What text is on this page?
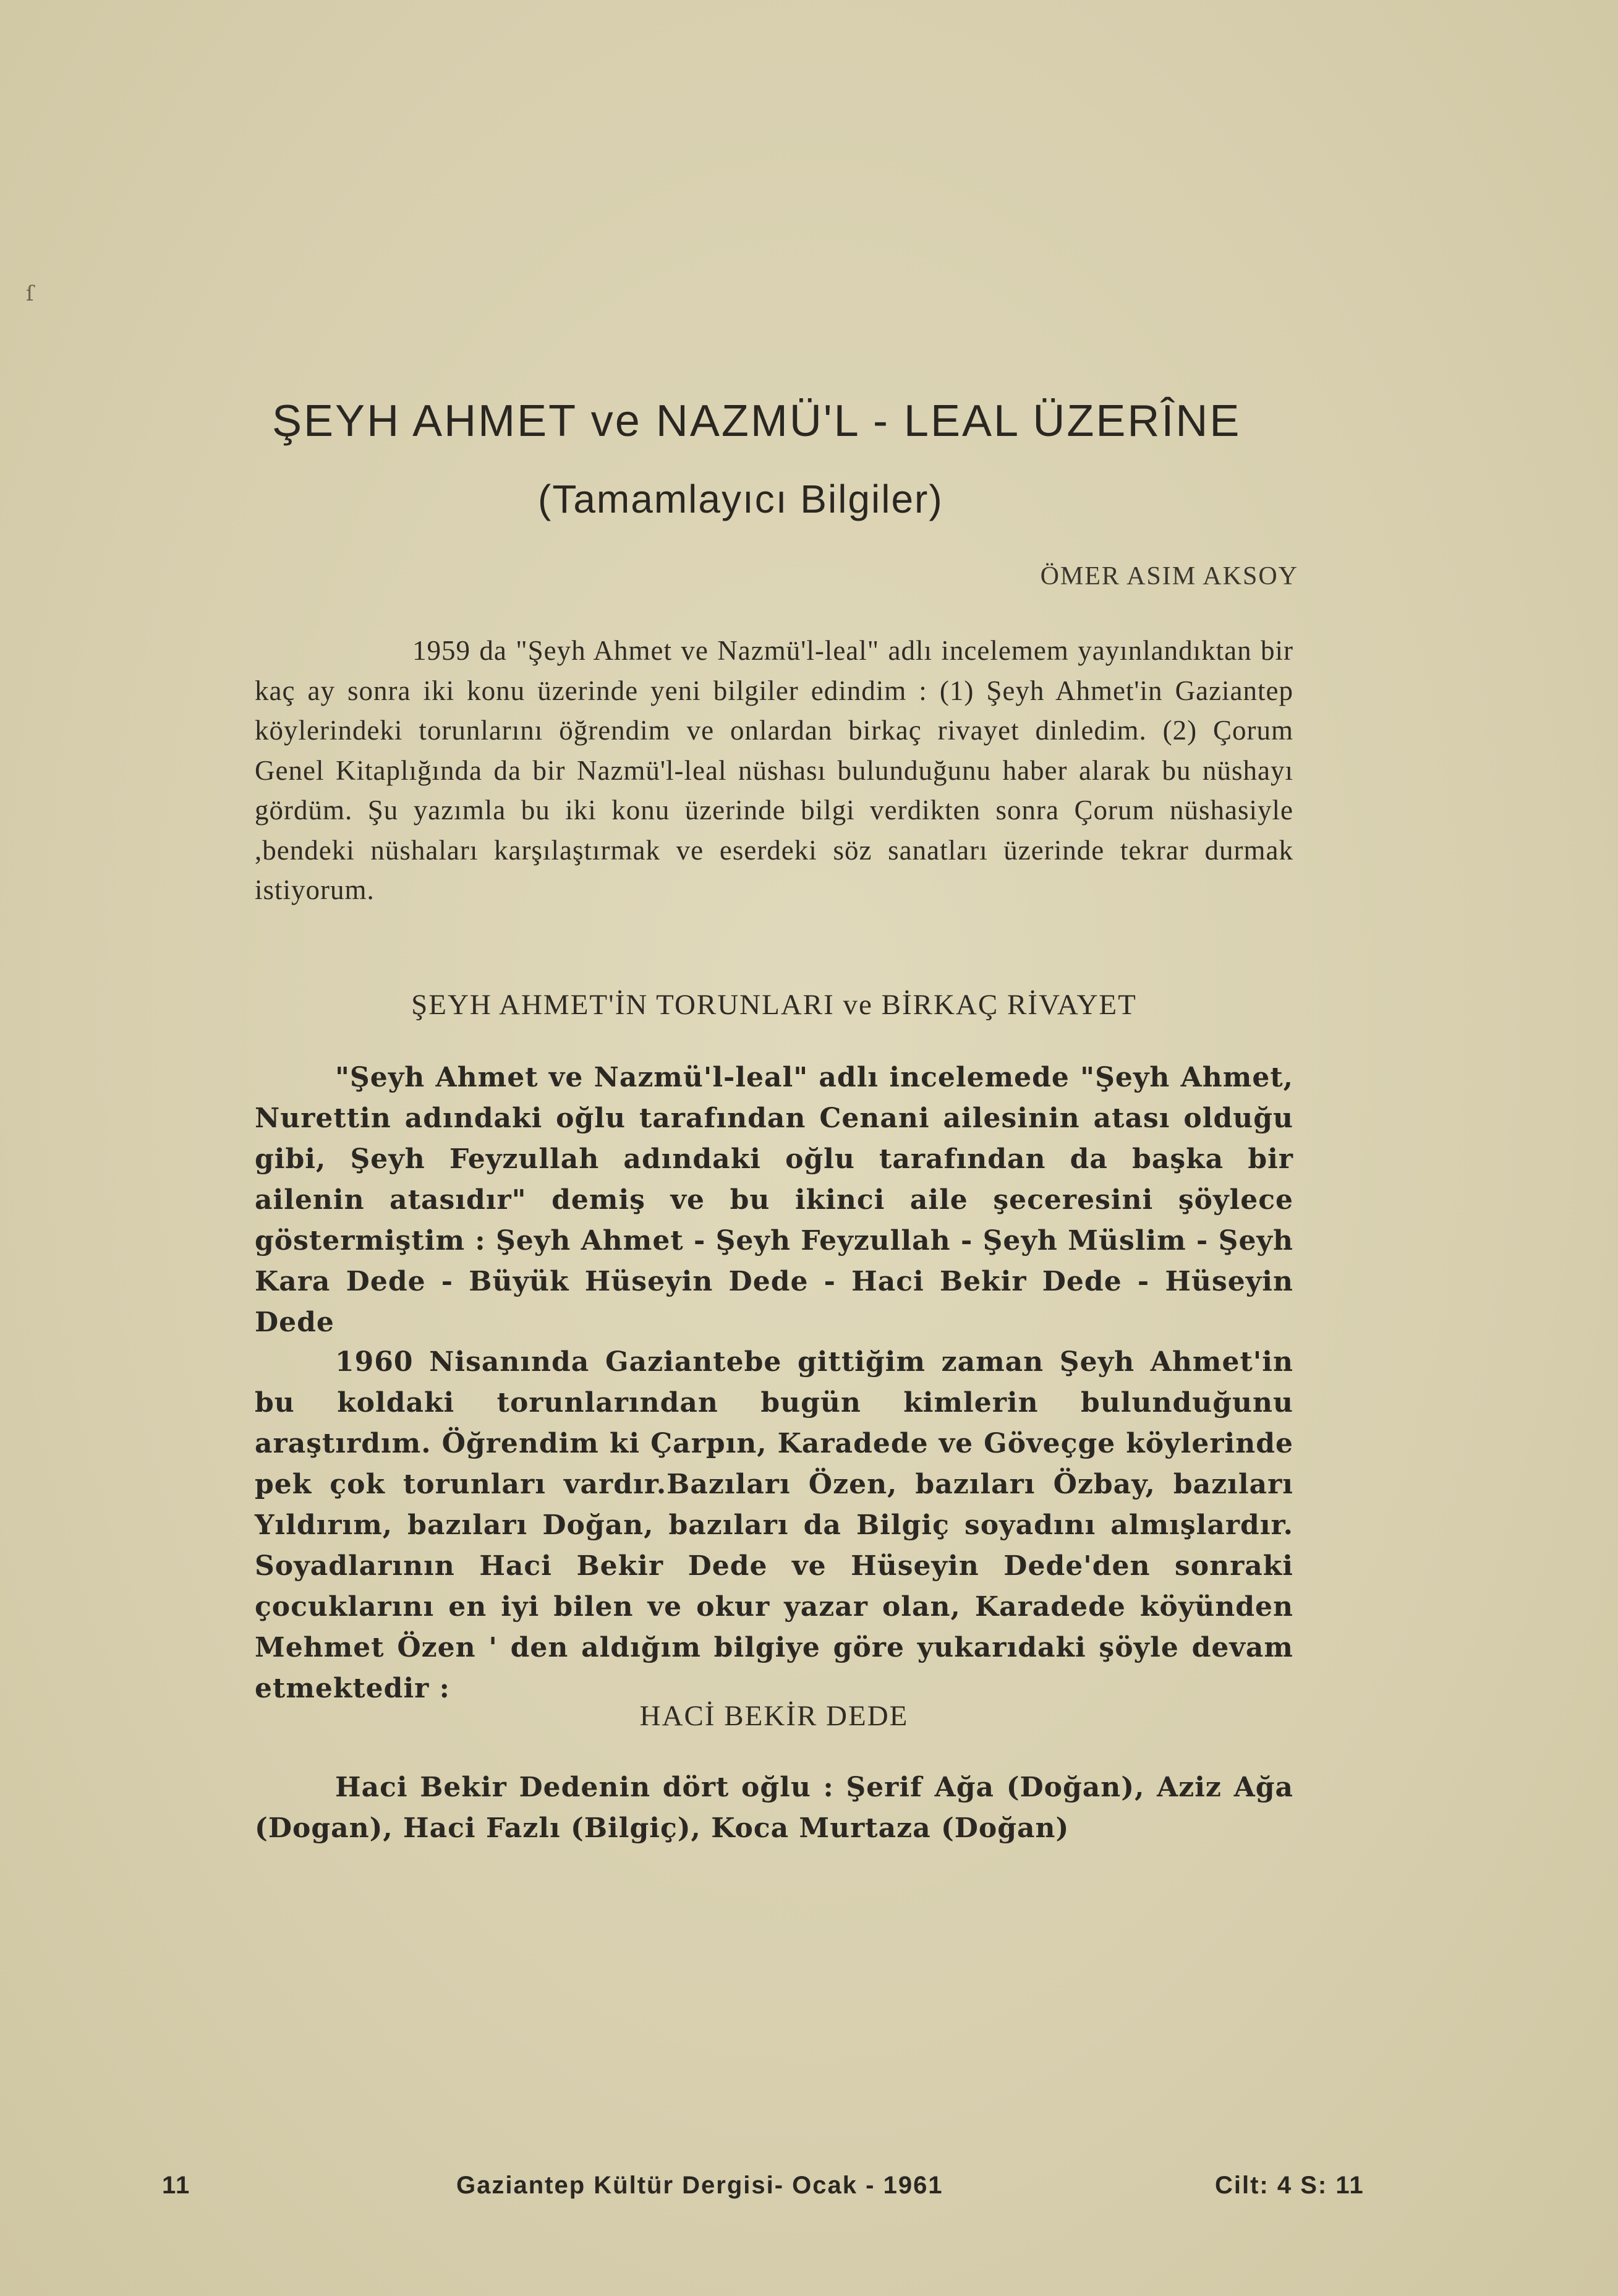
ſ
ŞEYH AHMET ve NAZMÜ'L - LEAL ÜZERÎNE
(Tamamlayıcı Bilgiler)
ÖMER ASIM AKSOY
1959 da "Şeyh Ahmet ve Nazmü'l-leal" adlı incelemem yayınlandıktan bir kaç ay sonra iki konu üzerinde yeni bilgiler edindim : (1) Şeyh Ahmet'in Gaziantep köylerindeki torunlarını öğrendim ve onlardan birkaç rivayet dinledim. (2) Çorum Genel Kitaplığında da bir Nazmü'l-leal nüshası bulunduğunu haber alarak bu nüshayı gördüm. Şu yazımla bu iki konu üzerinde bilgi verdikten sonra Çorum nüshasiyle ,bendeki nüshaları karşılaştırmak ve eserdeki söz sanatları üzerinde tekrar durmak istiyorum.
ŞEYH AHMET'İN TORUNLARI ve BİRKAÇ RİVAYET
"Şeyh Ahmet ve Nazmü'l-leal" adlı incelemede "Şeyh Ahmet, Nurettin adındaki oğlu tarafından Cenani ailesinin atası olduğu gibi, Şeyh Feyzullah adındaki oğlu tarafından da başka bir ailenin atasıdır" demiş ve bu ikinci aile şeceresini şöylece göstermiştim : Şeyh Ahmet - Şeyh Feyzullah - Şeyh Müslim - Şeyh Kara Dede - Büyük Hüseyin Dede - Haci Bekir Dede - Hüseyin Dede
1960 Nisanında Gaziantebe gittiğim zaman Şeyh Ahmet'in bu koldaki torunlarından bugün kimlerin bulunduğunu araştırdım. Öğrendim ki Çarpın, Karadede ve Göveçge köylerinde pek çok torunları vardır.Bazıları Özen, bazıları Özbay, bazıları Yıldırım, bazıları Doğan, bazıları da Bilgiç soyadını almışlardır. Soyadlarının Haci Bekir Dede ve Hüseyin Dede'den sonraki çocuklarını en iyi bilen ve okur yazar olan, Karadede köyünden Mehmet Özen ' den aldığım bilgiye göre yukarıdaki şöyle devam etmektedir :
HACİ BEKİR DEDE
Haci Bekir Dedenin dört oğlu : Şerif Ağa (Doğan), Aziz Ağa (Dogan), Haci Fazlı (Bilgiç), Koca Murtaza (Doğan)
11	Gaziantep Kültür Dergisi- Ocak - 1961	Cilt: 4 S: 11
